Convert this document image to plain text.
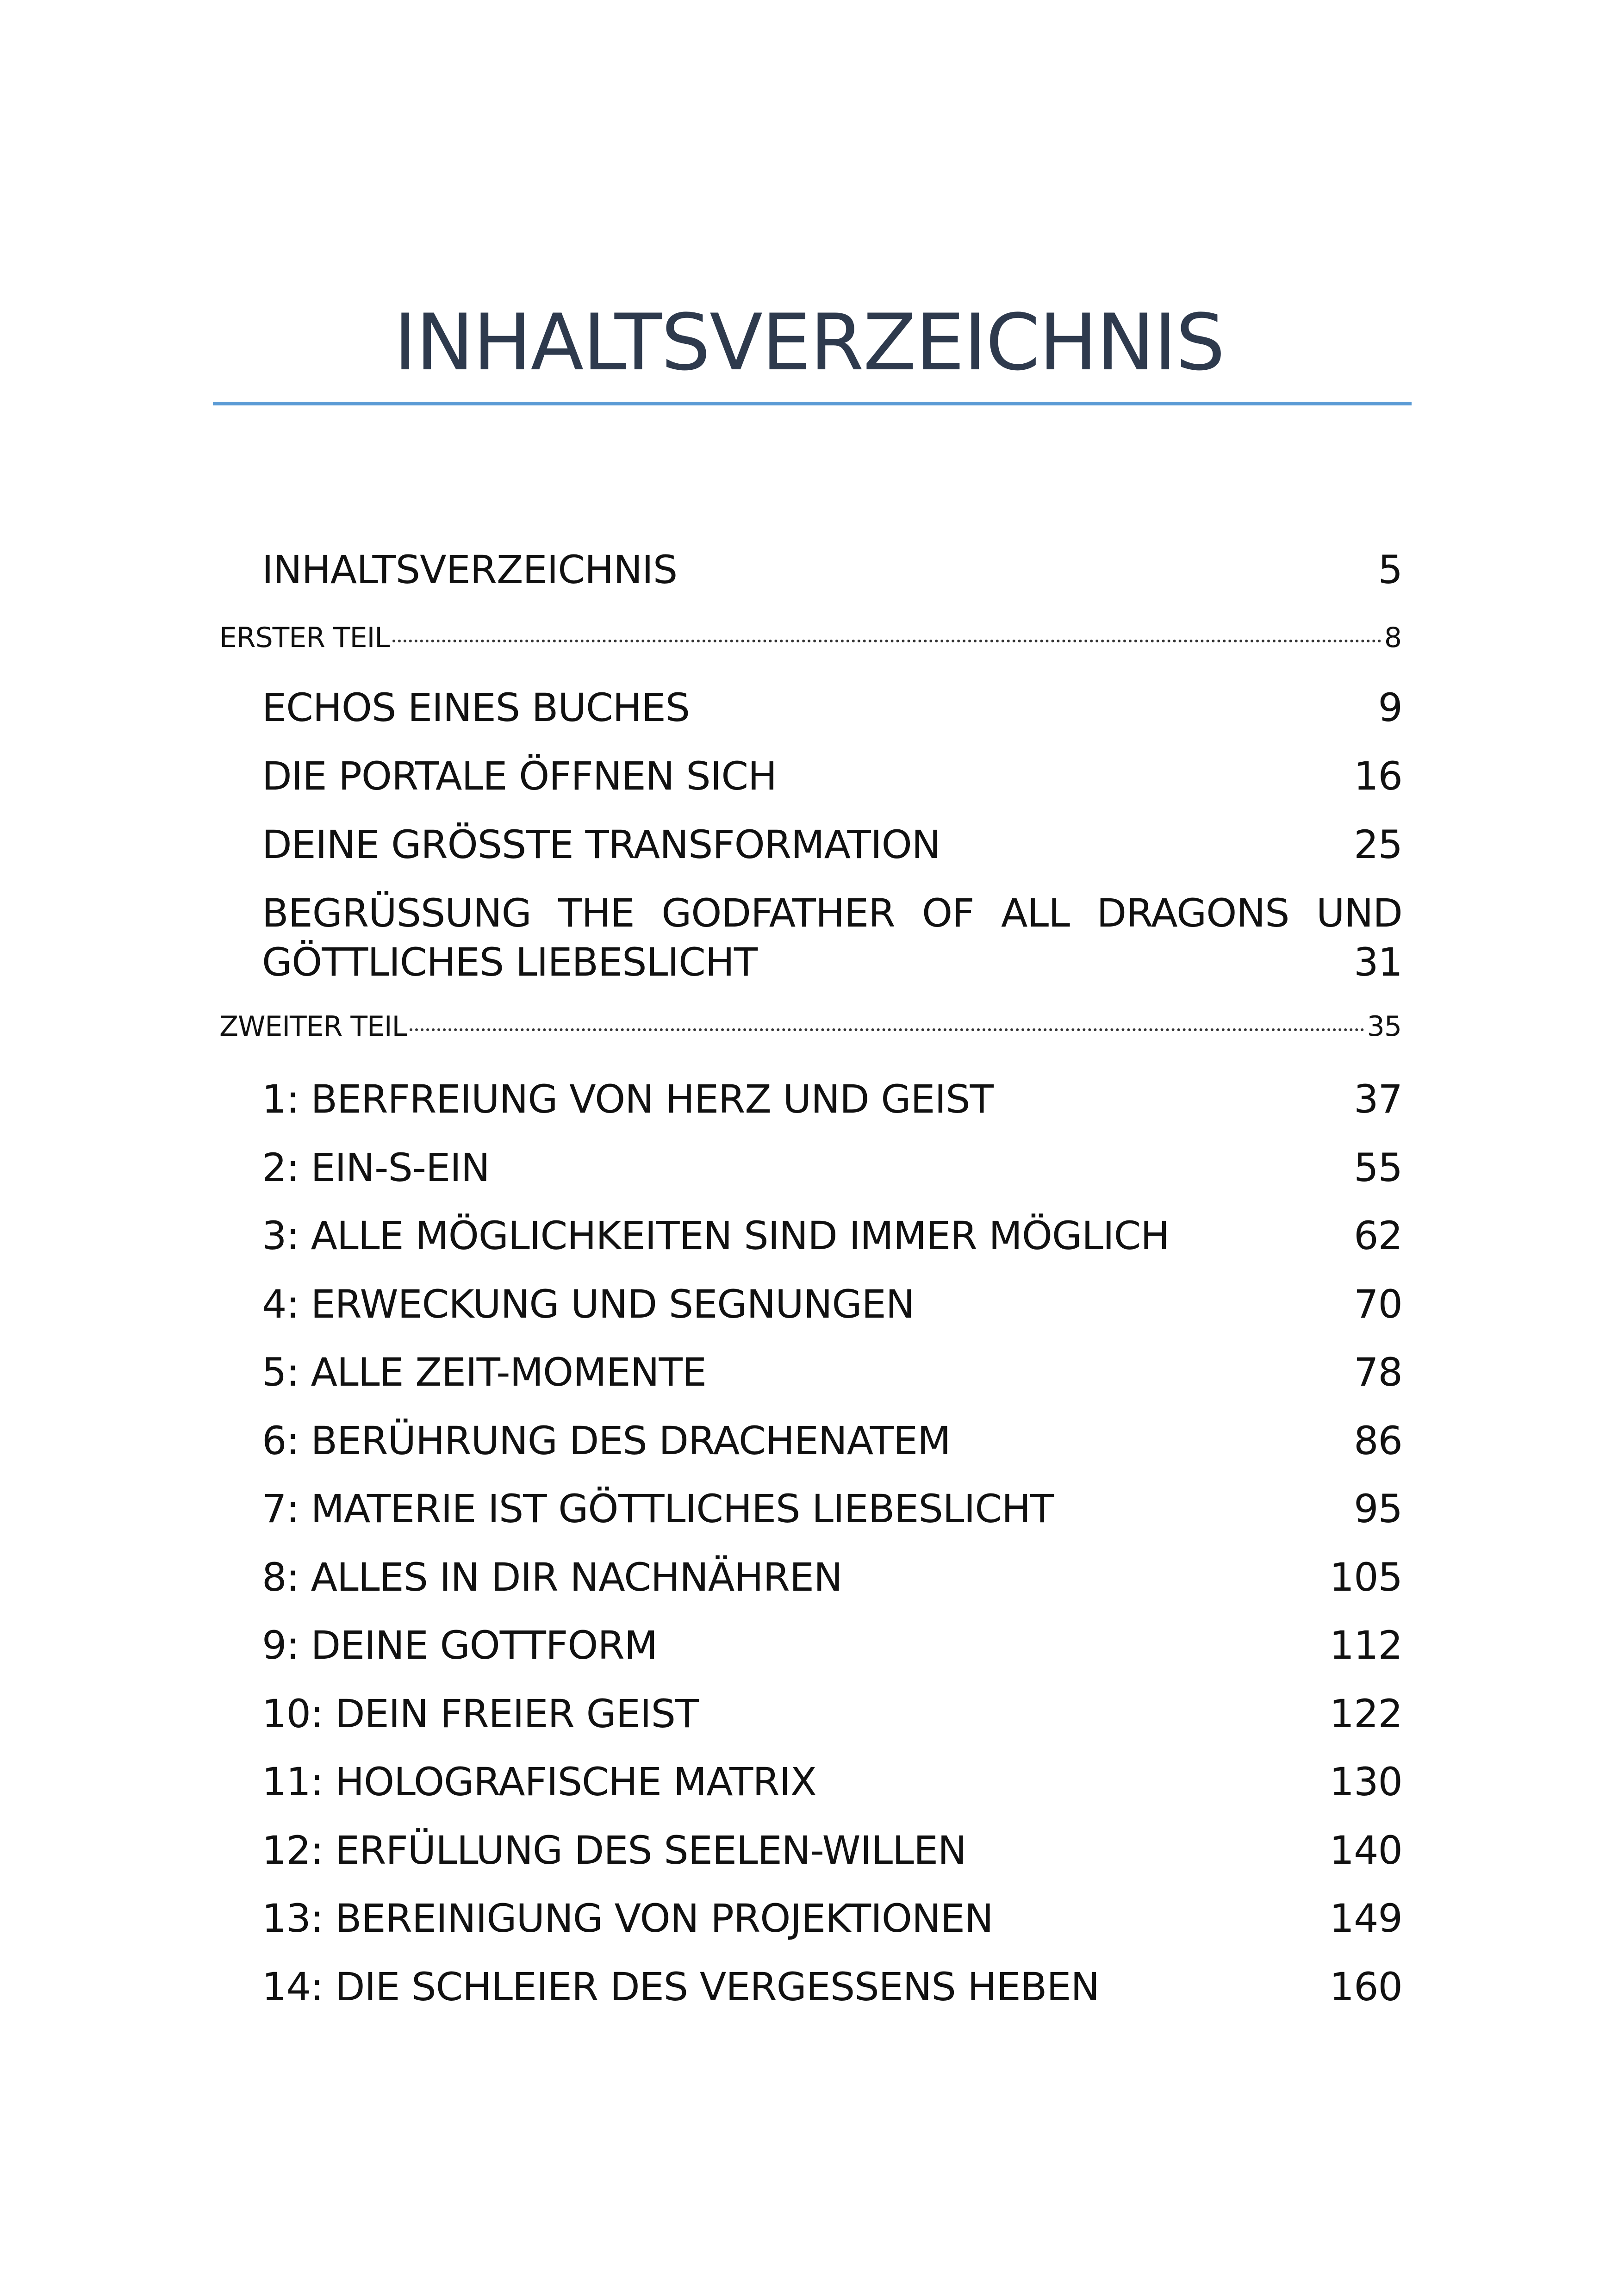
INHALTSVERZEICHNIS
INHALTSVERZEICHNIS	5
ERSTER TEIL	8
ECHOS EINES BUCHES	9
DIE PORTALE ÖFFNEN SICH	16
DEINE GRÖSSTE TRANSFORMATION	25
BEGRÜSSUNG THE GODFATHER OF ALL DRAGONS UND
GÖTTLICHES LIEBESLICHT	31
ZWEITER TEIL	35
1: BERFREIUNG VON HERZ UND GEIST	37
2: EIN-S-EIN	55
3: ALLE MÖGLICHKEITEN SIND IMMER MÖGLICH	62
4: ERWECKUNG UND SEGNUNGEN	70
5: ALLE ZEIT-MOMENTE	78
6: BERÜHRUNG DES DRACHENATEM	86
7: MATERIE IST GÖTTLICHES LIEBESLICHT	95
8: ALLES IN DIR NACHNÄHREN	105
9: DEINE GOTTFORM	112
10: DEIN FREIER GEIST	122
11: HOLOGRAFISCHE MATRIX	130
12: ERFÜLLUNG DES SEELEN-WILLEN	140
13: BEREINIGUNG VON PROJEKTIONEN	149
14: DIE SCHLEIER DES VERGESSENS HEBEN	160
